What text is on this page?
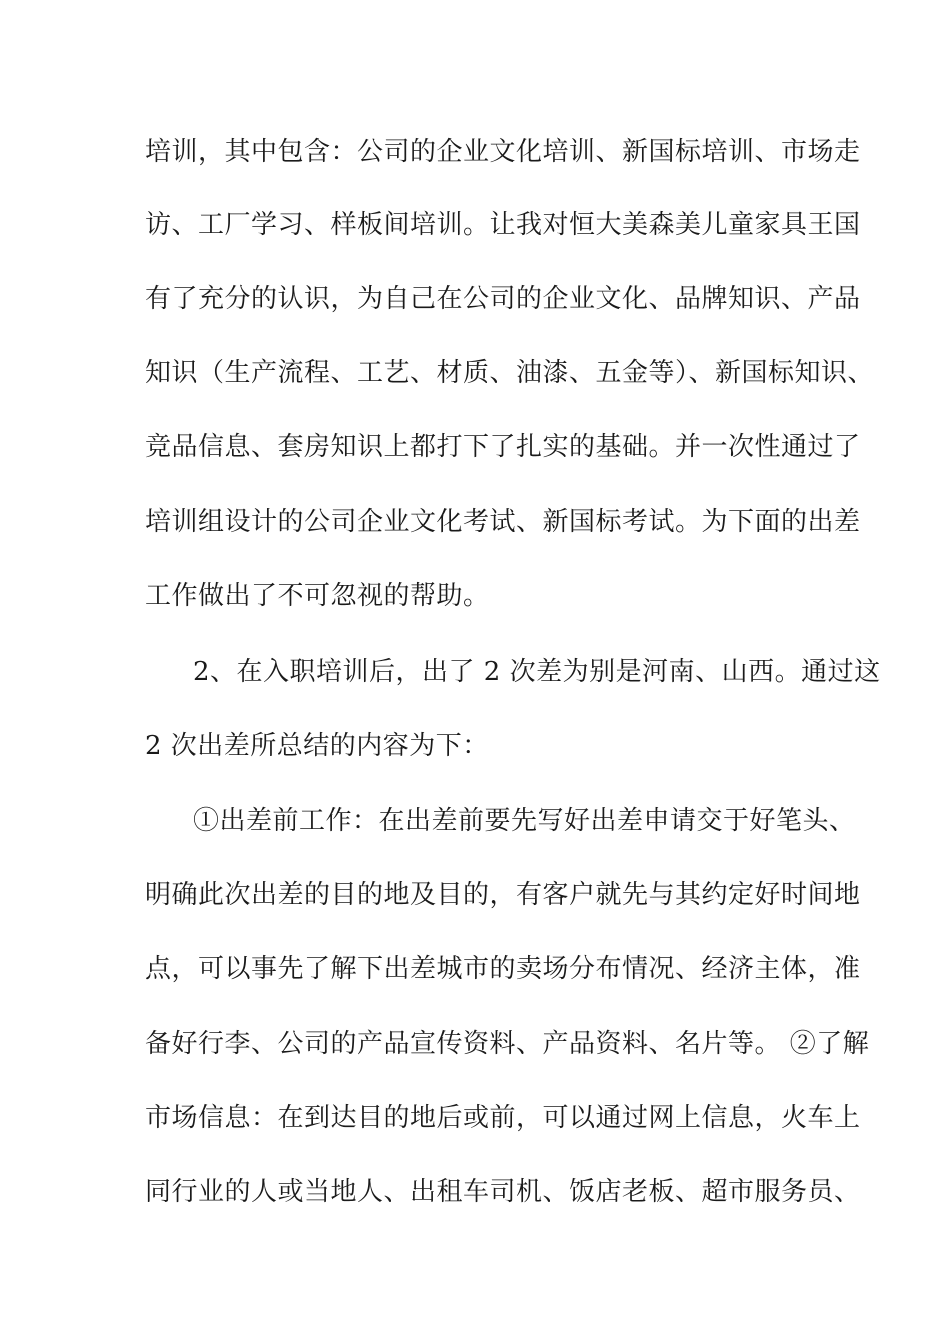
培训，其中包含：公司的企业文化培训、新国标培训、市场走
访、工厂学习、样板间培训。让我对恒大美森美儿童家具王国
有了充分的认识，为自己在公司的企业文化、品牌知识、产品
知识（生产流程、工艺、材质、油漆、五金等）、新国标知识、
竞品信息、套房知识上都打下了扎实的基础。并一次性通过了
培训组设计的公司企业文化考试、新国标考试。为下面的出差
工作做出了不可忽视的帮助。
2、在入职培训后，出了 2 次差为别是河南、山西。通过这
2 次出差所总结的内容为下：
①出差前工作：在出差前要先写好出差申请交于好笔头、
明确此次出差的目的地及目的，有客户就先与其约定好时间地
点，可以事先了解下出差城市的卖场分布情况、经济主体，准
备好行李、公司的产品宣传资料、产品资料、名片等。 ②了解
市场信息：在到达目的地后或前，可以通过网上信息，火车上
同行业的人或当地人、出租车司机、饭店老板、超市服务员、
